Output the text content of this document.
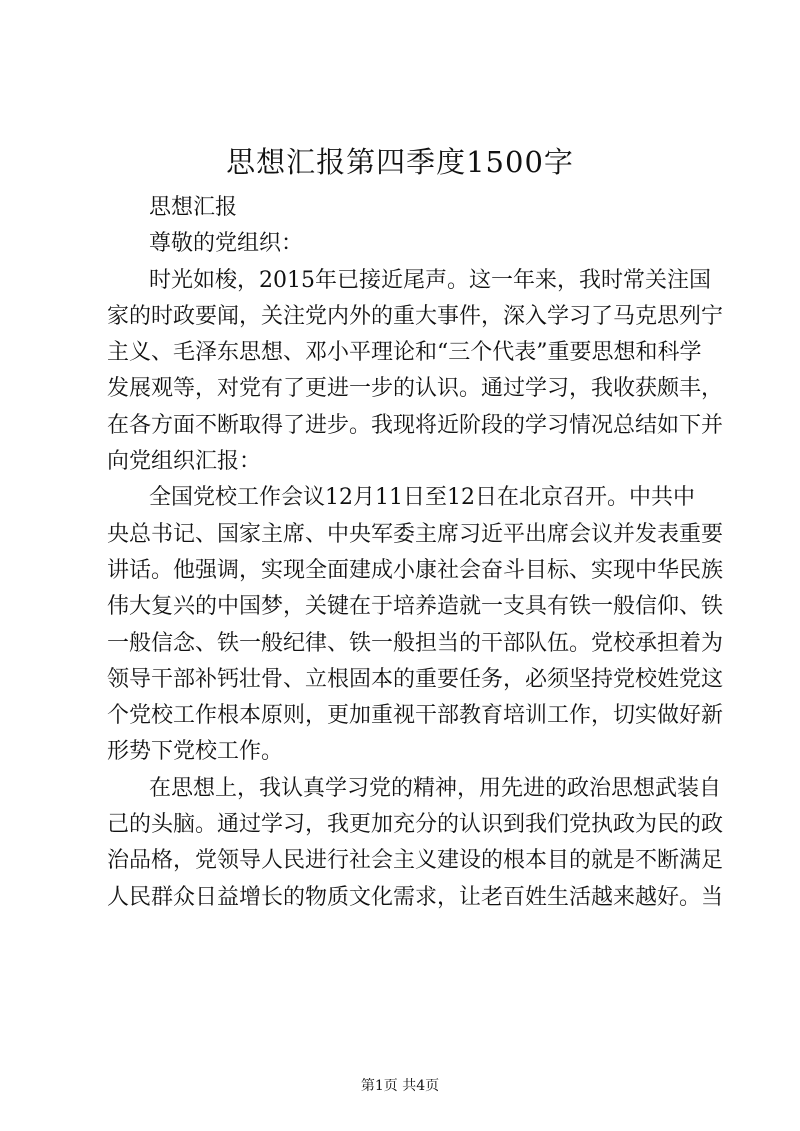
思想汇报第四季度1500字
思想汇报
尊敬的党组织：
时光如梭，2015年已接近尾声。这一年来，我时常关注国
家的时政要闻，关注党内外的重大事件，深入学习了马克思列宁
主义、毛泽东思想、邓小平理论和“三个代表”重要思想和科学
发展观等，对党有了更进一步的认识。通过学习，我收获颇丰，
在各方面不断取得了进步。我现将近阶段的学习情况总结如下并
向党组织汇报：
全国党校工作会议12月11日至12日在北京召开。中共中
央总书记、国家主席、中央军委主席习近平出席会议并发表重要
讲话。他强调，实现全面建成小康社会奋斗目标、实现中华民族
伟大复兴的中国梦，关键在于培养造就一支具有铁一般信仰、铁
一般信念、铁一般纪律、铁一般担当的干部队伍。党校承担着为
领导干部补钙壮骨、立根固本的重要任务，必须坚持党校姓党这
个党校工作根本原则，更加重视干部教育培训工作，切实做好新
形势下党校工作。
在思想上，我认真学习党的精神，用先进的政治思想武装自
己的头脑。通过学习，我更加充分的认识到我们党执政为民的政
治品格，党领导人民进行社会主义建设的根本目的就是不断满足
人民群众日益增长的物质文化需求，让老百姓生活越来越好。当
第1页 共4页
